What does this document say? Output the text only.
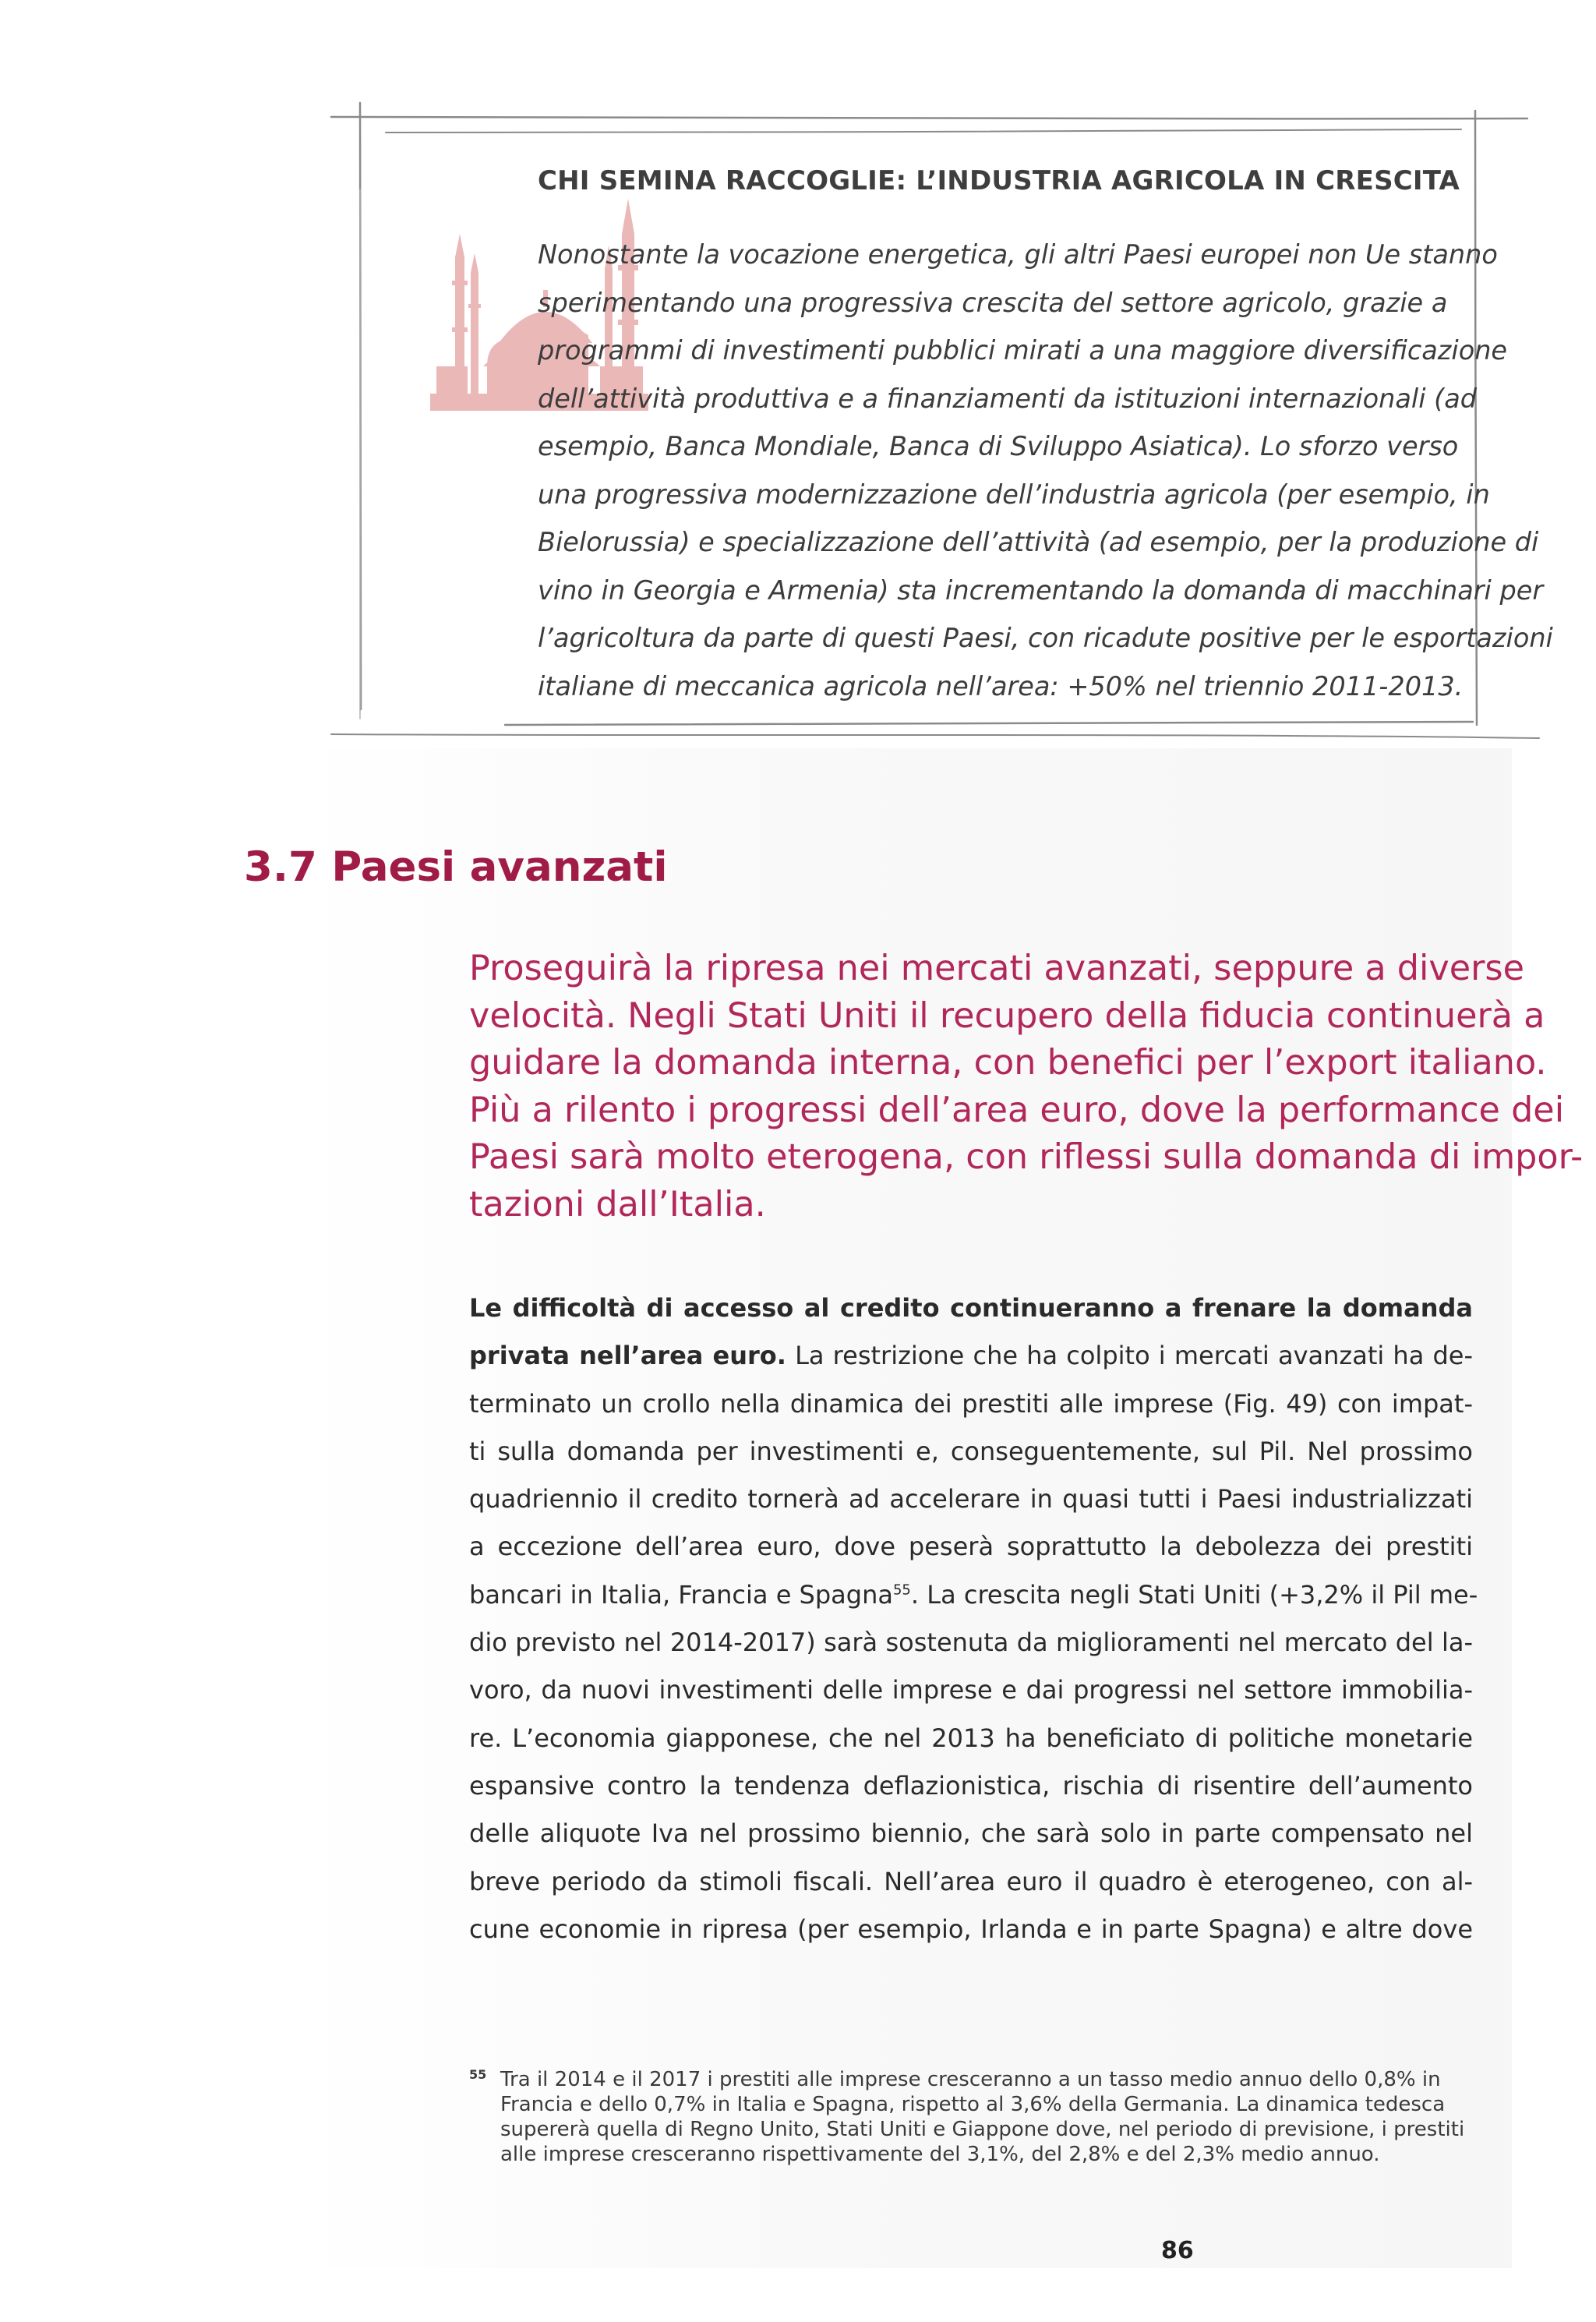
CHI SEMINA RACCOGLIE: L’INDUSTRIA AGRICOLA IN CRESCITA
Nonostante la vocazione energetica, gli altri Paesi europei non Ue stanno
sperimentando una progressiva crescita del settore agricolo, grazie a
programmi di investimenti pubblici mirati a una maggiore diversificazione
dell’attività produttiva e a finanziamenti da istituzioni internazionali (ad
esempio, Banca Mondiale, Banca di Sviluppo Asiatica). Lo sforzo verso
una progressiva modernizzazione dell’industria agricola (per esempio, in
Bielorussia) e specializzazione dell’attività (ad esempio, per la produzione di
vino in Georgia e Armenia) sta incrementando la domanda di macchinari per
l’agricoltura da parte di questi Paesi, con ricadute positive per le esportazioni
italiane di meccanica agricola nell’area: +50% nel triennio 2011-2013.
3.7 Paesi avanzati
Proseguirà la ripresa nei mercati avanzati, seppure a diverse
velocità. Negli Stati Uniti il recupero della fiducia continuerà a
guidare la domanda interna, con benefici per l’export italiano.
Più a rilento i progressi dell’area euro, dove la performance dei
Paesi sarà molto eterogena, con riflessi sulla domanda di impor-
tazioni dall’Italia.
Le difficoltà di accesso al credito continueranno a frenare la domanda
privata nell’area euro. La restrizione che ha colpito i mercati avanzati ha de-
terminato un crollo nella dinamica dei prestiti alle imprese (Fig. 49) con impat-
ti sulla domanda per investimenti e, conseguentemente, sul Pil. Nel prossimo
quadriennio il credito tornerà ad accelerare in quasi tutti i Paesi industrializzati
a eccezione dell’area euro, dove peserà soprattutto la debolezza dei prestiti
bancari in Italia, Francia e Spagna$^{55}$. La crescita negli Stati Uniti (+3,2% il Pil me-
dio previsto nel 2014-2017) sarà sostenuta da miglioramenti nel mercato del la-
voro, da nuovi investimenti delle imprese e dai progressi nel settore immobilia-
re. L’economia giapponese, che nel 2013 ha beneficiato di politiche monetarie
espansive contro la tendenza deflazionistica, rischia di risentire dell’aumento
delle aliquote Iva nel prossimo biennio, che sarà solo in parte compensato nel
breve periodo da stimoli fiscali. Nell’area euro il quadro è eterogeneo, con al-
cune economie in ripresa (per esempio, Irlanda e in parte Spagna) e altre dove
55 Tra il 2014 e il 2017 i prestiti alle imprese cresceranno a un tasso medio annuo dello 0,8% in
Francia e dello 0,7% in Italia e Spagna, rispetto al 3,6% della Germania. La dinamica tedesca
supererà quella di Regno Unito, Stati Uniti e Giappone dove, nel periodo di previsione, i prestiti
alle imprese cresceranno rispettivamente del 3,1%, del 2,8% e del 2,3% medio annuo.
86
